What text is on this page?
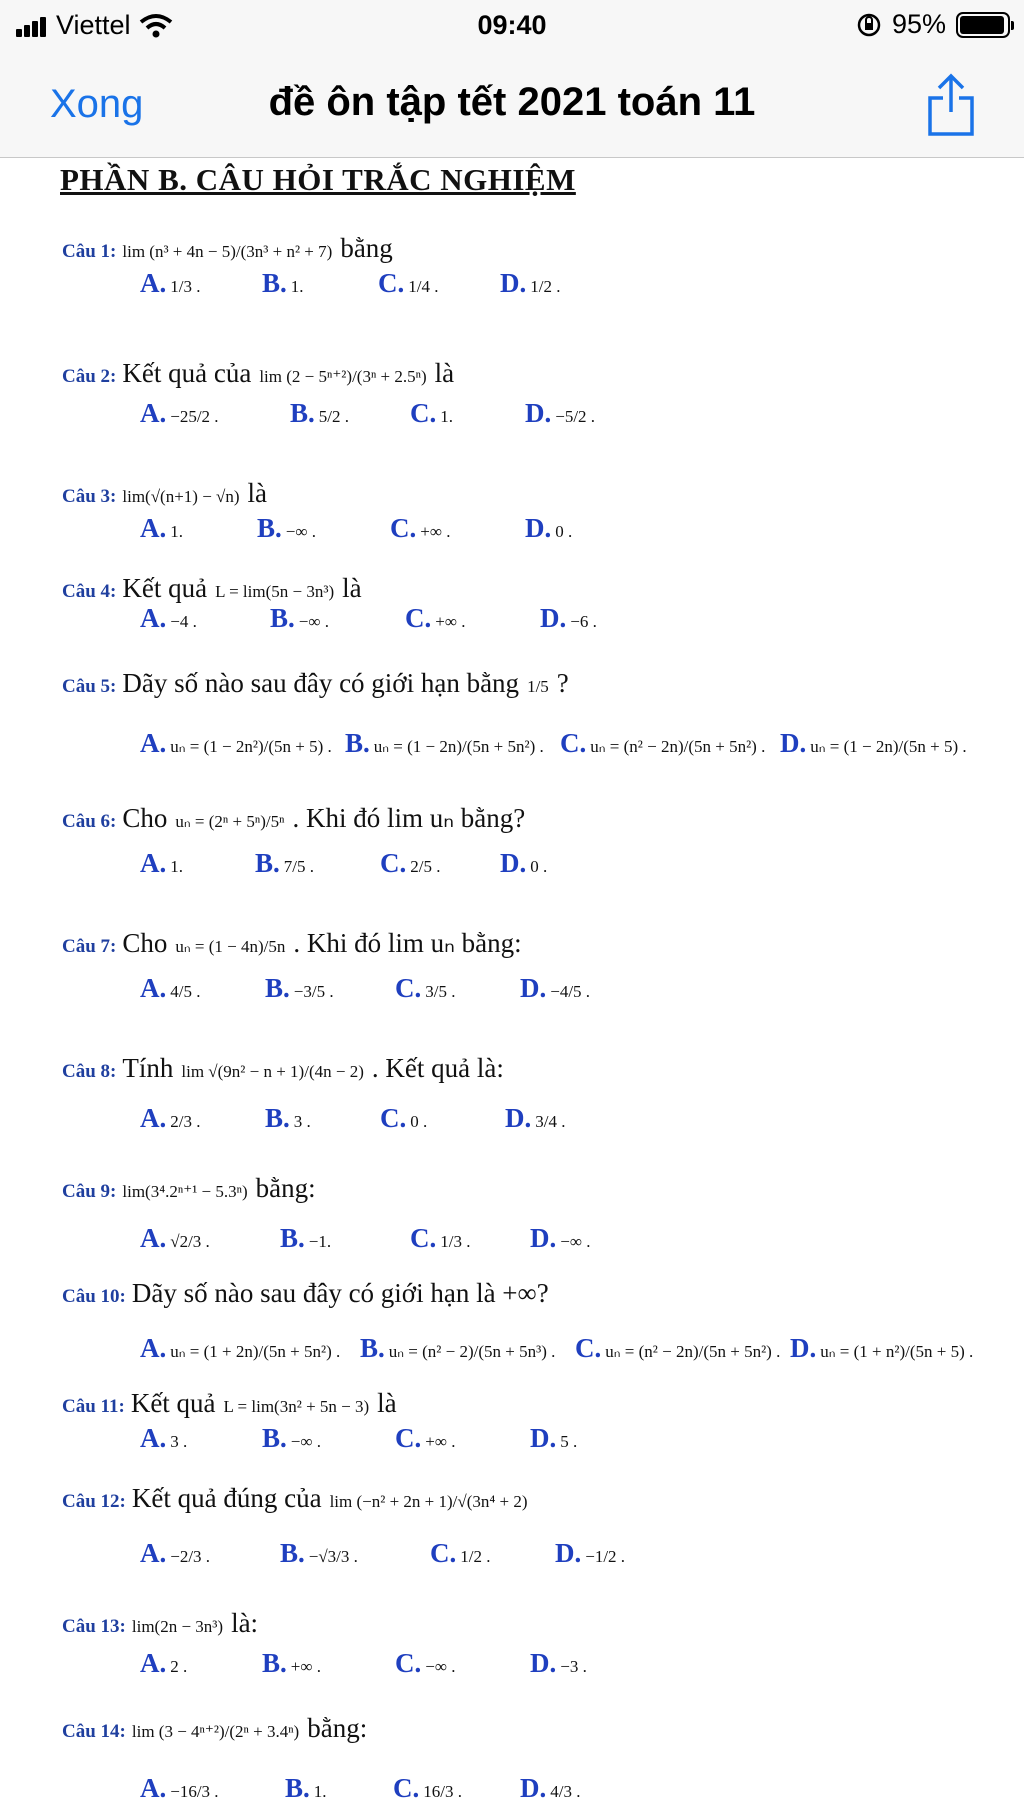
Viettel	09:40	95%
Xong	đề ôn tập tết 2021 toán 11
PHẦN B. CÂU HỎI TRẮC NGHIỆM
Câu 1: lim (n³ + 4n − 5)/(3n³ + n² + 7) bằng
A. 1/3 . B. 1.	C. 1/4 . D. 1/2 .
Câu 2: Kết quả của lim (2 − 5ⁿ⁺²)/(3ⁿ + 2.5ⁿ) là
A. −25/2 .	B. 5/2 . C. 1.	D. −5/2 .
Câu 3: lim(√(n+1) − √n) là
A. 1.	B. −∞ .	C. +∞ .	D. 0 .
Câu 4: Kết quả L = lim(5n − 3n³) là
A. −4 .	B. −∞ .	C. +∞ .	D. −6 .
Câu 5: Dãy số nào sau đây có giới hạn bằng 1/5 ?
A. uₙ = (1 − 2n²)/(5n + 5) . B. uₙ = (1 − 2n)/(5n + 5n²) . C. uₙ = (n² − 2n)/(5n + 5n²) . D. uₙ = (1 − 2n)/(5n + 5) .
Câu 6: Cho uₙ = (2ⁿ + 5ⁿ)/5ⁿ . Khi đó lim uₙ bằng?
A. 1.	B. 7/5 . C. 2/5 . D. 0 .
Câu 7: Cho uₙ = (1 − 4n)/5n . Khi đó lim uₙ bằng:
A. 4/5 . B. −3/5 . C. 3/5 . D. −4/5 .
Câu 8: Tính lim √(9n² − n + 1)/(4n − 2) . Kết quả là:
A. 2/3 . B. 3 .	C. 0 .	D. 3/4 .
Câu 9: lim(3⁴.2ⁿ⁺¹ − 5.3ⁿ) bằng:
A. √2/3 .	B. −1.	C. 1/3 . D. −∞ .
Câu 10: Dãy số nào sau đây có giới hạn là +∞?
A. uₙ = (1 + 2n)/(5n + 5n²) . B. uₙ = (n² − 2)/(5n + 5n³) . C. uₙ = (n² − 2n)/(5n + 5n²) . D. uₙ = (1 + n²)/(5n + 5) .
Câu 11: Kết quả L = lim(3n² + 5n − 3) là
A. 3 .	B. −∞ .	C. +∞ .	D. 5 .
Câu 12: Kết quả đúng của lim (−n² + 2n + 1)/√(3n⁴ + 2)
A. −2/3 .	B. −√3/3 .	C. 1/2 . D. −1/2 .
Câu 13: lim(2n − 3n³) là:
A. 2 .	B. +∞ .	C. −∞ .	D. −3 .
Câu 14: lim (3 − 4ⁿ⁺²)/(2ⁿ + 3.4ⁿ) bằng:
A. −16/3 . B. 1. C. 16/3 . D. 4/3 .
